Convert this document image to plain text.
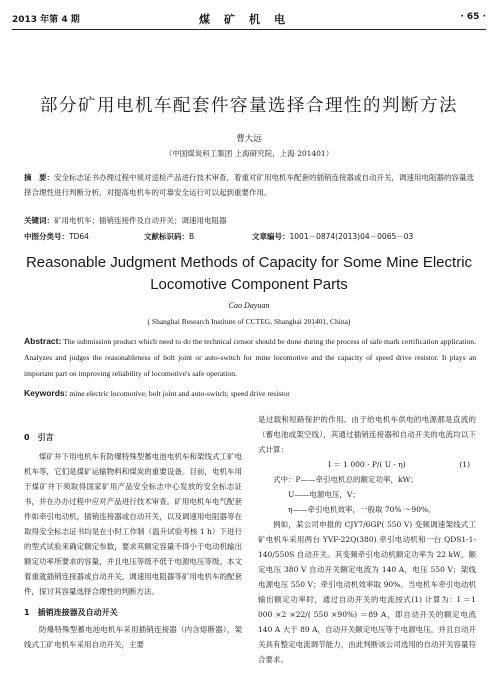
2013 年第 4 期	煤矿机电	· 65 ·
部分矿用电机车配套件容量选择合理性的判断方法
曹大远
（中国煤炭科工集团 上海研究院，上海 201401）
摘　要：安全标志证书办理过程中须对送检产品进行技术审查，着重对矿用电机车配套的插销连接器或自动开关，调速用电阻器的容量选择合理性进行判断分析，对提高电机车的可靠安全运行可以起到重要作用。
关键词：矿用电机车；插销连接件及自动开关；调速用电阻器
中图分类号：TD64	文献标识码：B	文章编号：1001－0874(2013)04－0065－03
Reasonable Judgment Methods of Capacity for Some Mine Electric Locomotive Component Parts
Cao Dayuan
( Shanghai Research Institute of CCTEG, Shanghai 201401, China)
Abstract: The submission product which need to do the technical censor should be done during the process of safe mark certification application. Analyzes and judges the reasonableness of bolt joint or auto-switch for mine locomotive and the capacity of speed drive resistor. It plays an important part on improving reliability of locomotive's safe operation.
Keywords: mine electric locomotive; bolt joint and auto-switch; speed drive resistor
0　引言

煤矿井下用电机车有防爆特殊型蓄电池电机车和架线式工矿电机车等，它们是煤矿运输物料和煤炭的重要设备。目前，电机车用于煤矿井下须取得国家矿用产品安全标志中心发放的安全标志证书，并在办办过程中应对产品进行技术审查。矿用电机车电气配套件如牵引电动机，插销连接器或自动开关，以及调速用电阻器等在取得安全标志证书均是在小时工作制（温升试验考核 1 h）下进行的型式试验来确定额定参数，要求其额定容量不得小于电动机输出额定功率所要求的容量，并且电压等级不低于电源电压等级。本文着重就插销连接器或自动开关，调速用电阻器等矿用电机车的配套件，探讨其容量选择合理性的判断方法。

1　插销连接器及自动开关

防爆特殊型蓄电池电机车采用插销连接器（内含熔断器），架线式工矿电机车采用自动开关，主要

是过载和短路保护的作用。由于给电机车供电的电源都是直流的（蓄电池或架空线），其通过插销连接器和自动开关的电流均以下式计算：

I ＝ 1 000 · P/( U · η)	(1)
式中：P——牵引电机总的额定功率，kW；
U——电源电压，V；
η——牵引电机效率，一般取 70% ～90%。

例如，某公司申报的 CJY7/6GP( 550 V) 变频调速架线式工矿电机车采用两台 YVF-22Q(380) 牵引电动机和一台 QDS1-1-140/550S 自动开关。其变频牵引电动机额定功率为 22 kW，额定电压 380 V 自动开关额定电流为 140 A，电压 550 V；架线电源电压 550 V；牵引电动机效率取 90%。当电机车牵引电动机输出额定功率时，通过自动开关的电流按式(1) 计算为：I ＝1 000 ×2 ×22/( 550 ×90%) ＝89 A，即自动开关的额定电流 140 A 大于 89 A，自动开关额定电压等于电源电压，并且自动开关具有整定电流调节能力，由此判断该公司选用的自动开关容量符合要求。
